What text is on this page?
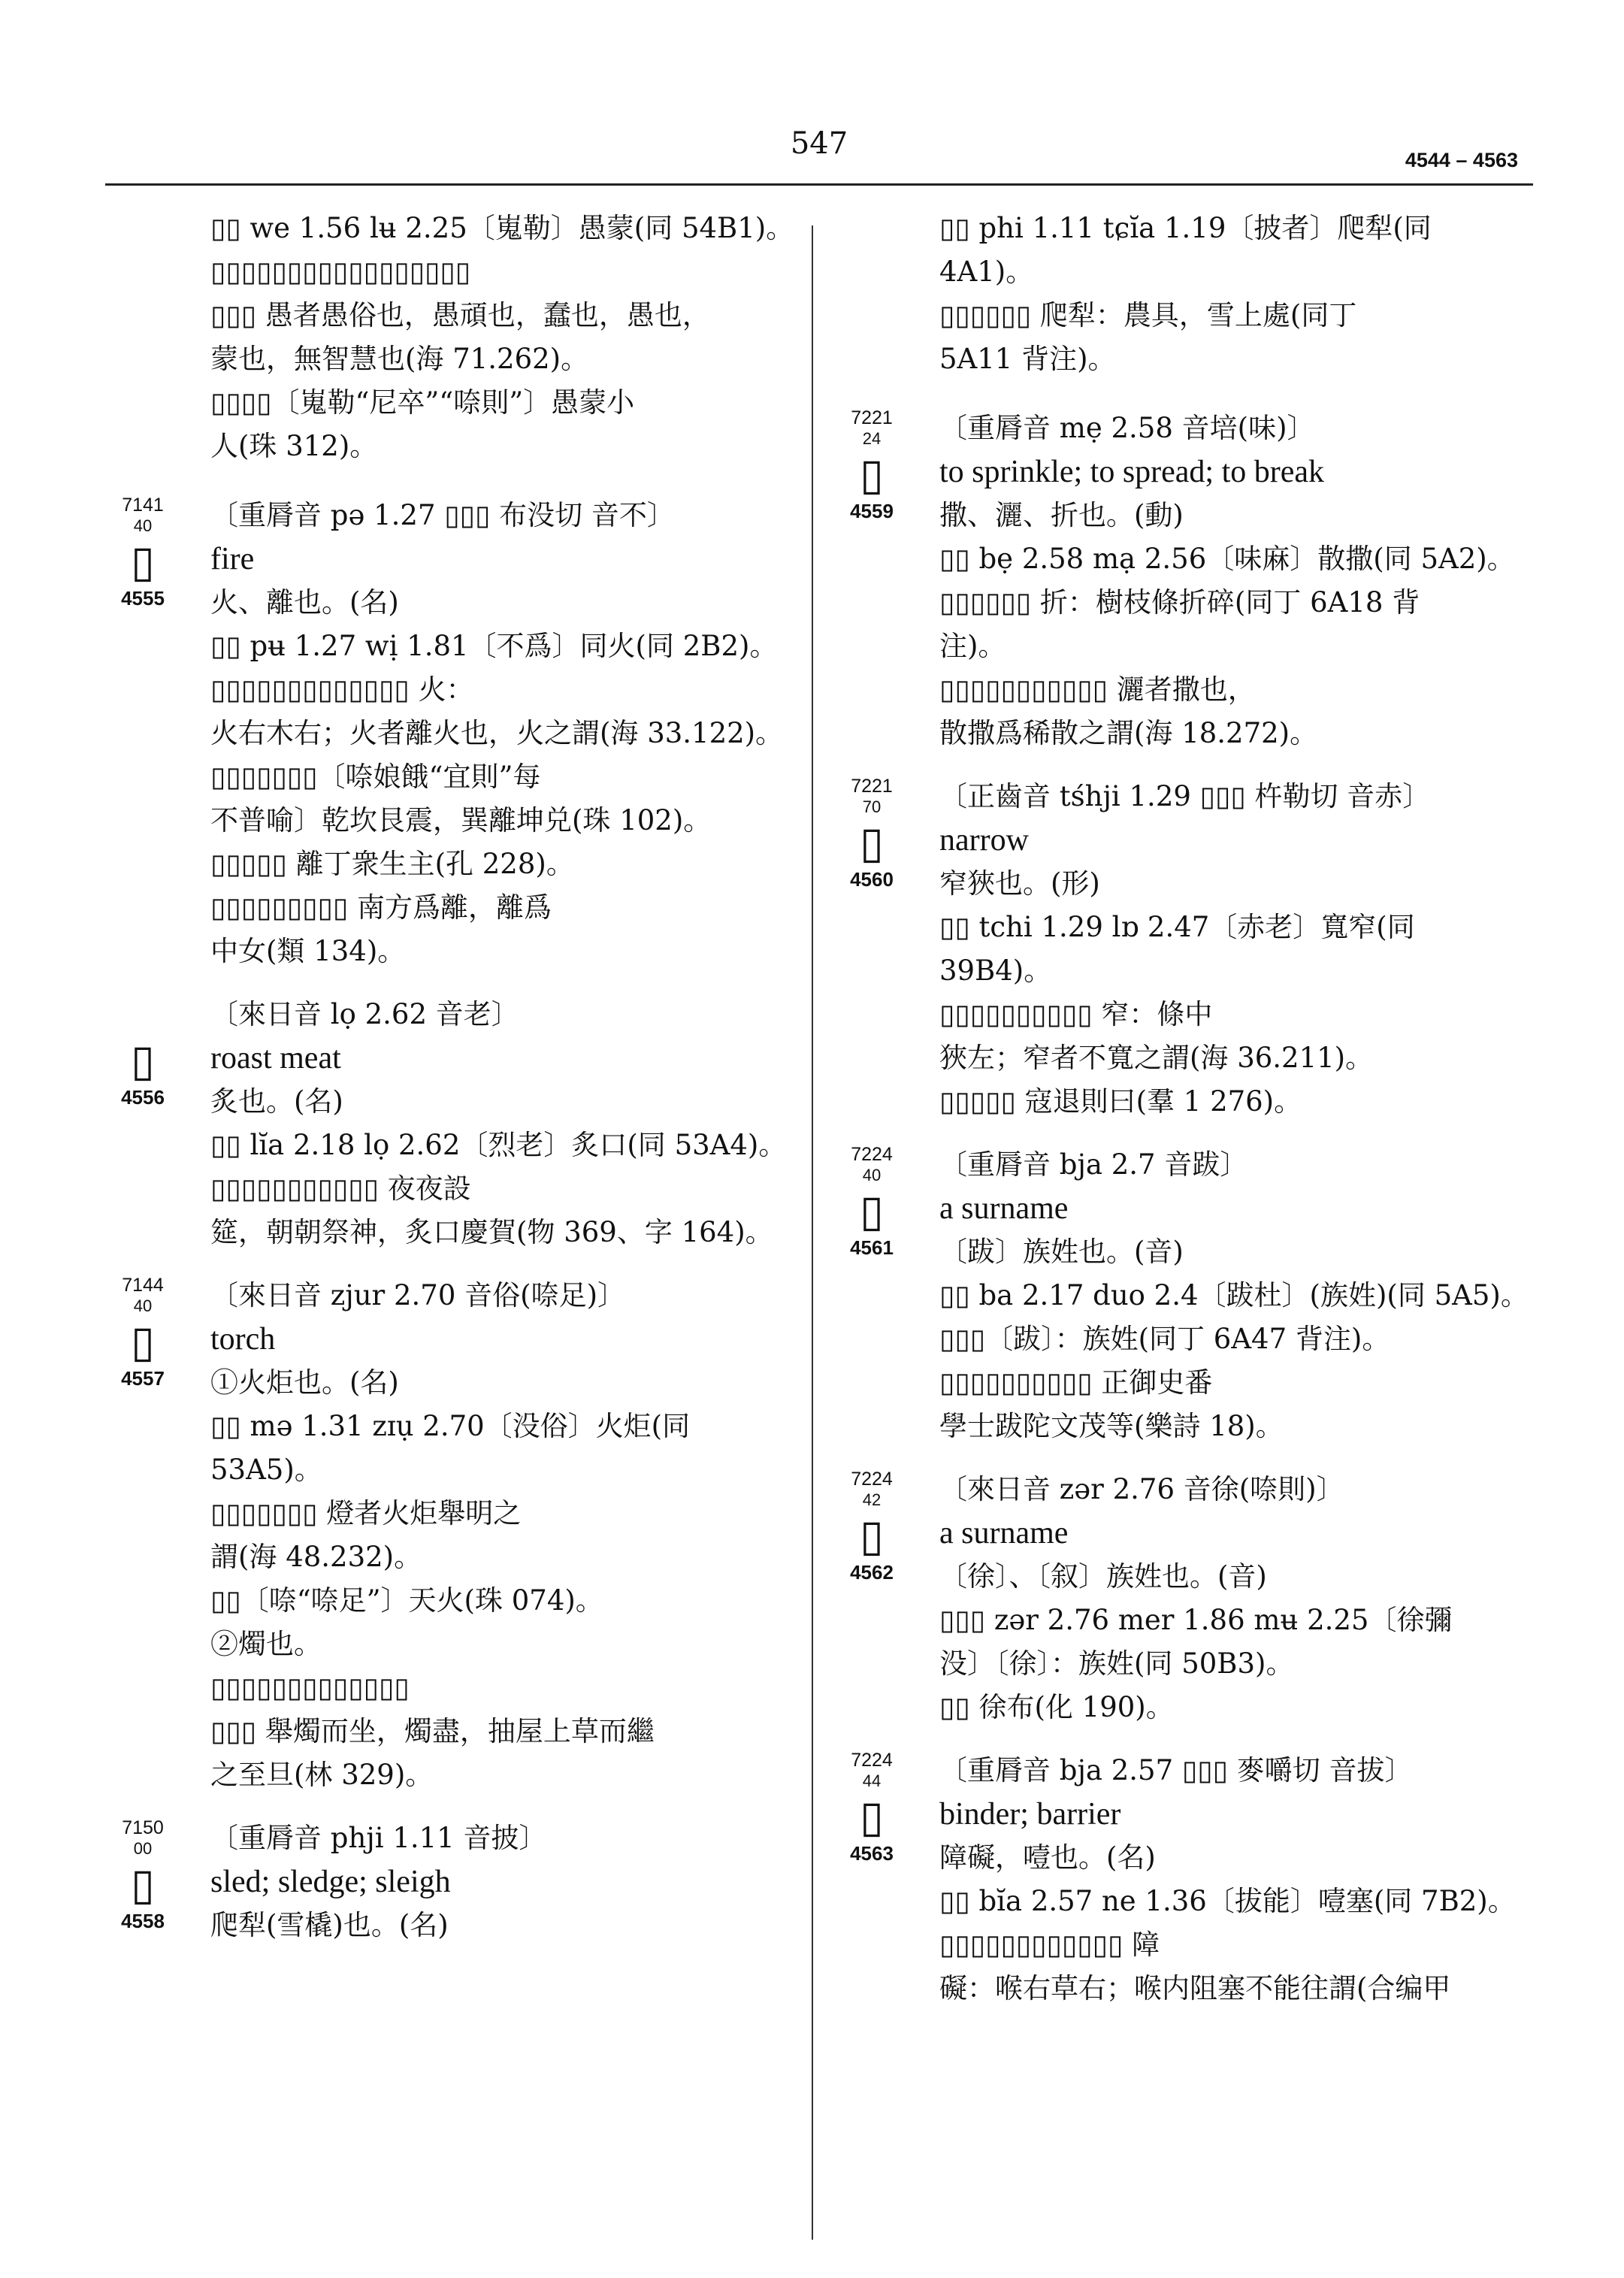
547	4544 – 4563

▯▯ we 1.56 lʉ 2.25〔嵬勒〕愚蒙(同 54B1)。

▯▯▯▯▯▯▯▯▯▯▯▯▯▯▯▯▯

▯▯▯ 愚者愚俗也，愚頑也，蠢也，愚也，

蒙也，無智慧也(海 71.262)。

▯▯▯▯〔嵬勒“尼卒”“㖠則”〕愚蒙小

人(珠 312)。

7141
40
▯
4555

〔重脣音 pə 1.27 ▯▯▯ 布没切 音不〕

fire

火、離也。(名)

▯▯ pʉ 1.27 wị 1.81〔不爲〕同火(同 2B2)。

▯▯▯▯▯▯▯▯▯▯▯▯▯ 火：

火右木右；火者離火也，火之謂(海 33.122)。

▯▯▯▯▯▯▯〔㖠娘餓“宜則”每

不普喻〕乾坎艮震，巽離坤兑(珠 102)。

▯▯▯▯▯ 離丁衆生主(孔 228)。

▯▯▯▯▯▯▯▯▯ 南方爲離，離爲

中女(類 134)。

▯
4556

〔來日音 lọ 2.62 音老〕

roast meat

炙也。(名)

▯▯ lĭa 2.18 lọ 2.62〔烈老〕炙口(同 53A4)。

▯▯▯▯▯▯▯▯▯▯▯ 夜夜設

筵，朝朝祭神，炙口慶賀(物 369、字 164)。

7144
40
▯
4557

〔來日音 zjur 2.70 音俗(㖠足)〕

torch

①火炬也。(名)

▯▯ mə 1.31 zɪụ 2.70〔没俗〕火炬(同53A5)。

▯▯▯▯▯▯▯ 燈者火炬舉明之

謂(海 48.232)。

▯▯〔㖠“㖠足”〕天火(珠 074)。

②燭也。

▯▯▯▯▯▯▯▯▯▯▯▯▯

▯▯▯ 舉燭而坐，燭盡，抽屋上草而繼

之至旦(林 329)。

7150
00
▯
4558

〔重脣音 phji 1.11 音披〕

sled; sledge; sleigh

爬犁(雪橇)也。(名)

▯▯ phi 1.11 tɕĭa 1.19〔披者〕爬犁(同 4A1)。

▯▯▯▯▯▯ 爬犁：農具，雪上處(同丁

5A11 背注)。

7221
24
▯
4559

〔重脣音 mẹ 2.58 音培(味)〕

to sprinkle; to spread; to break

撒、灑、折也。(動)

▯▯ bẹ 2.58 mạ 2.56〔味麻〕散撒(同 5A2)。

▯▯▯▯▯▯ 折：樹枝條折碎(同丁 6A18 背

注)。

▯▯▯▯▯▯▯▯▯▯▯ 灑者撒也，

散撒爲稀散之謂(海 18.272)。

7221
70
▯
4560

〔正齒音 tśhji 1.29 ▯▯▯ 杵勒切 音赤〕

narrow

窄狹也。(形)

▯▯ tchi 1.29 lɒ 2.47〔赤老〕寬窄(同 39B4)。

▯▯▯▯▯▯▯▯▯▯ 窄：條中

狹左；窄者不寬之謂(海 36.211)。

▯▯▯▯▯ 寇退則曰(羣 1 276)。

7224
40
▯
4561

〔重脣音 bja 2.7 音跋〕

a surname

〔跋〕族姓也。(音)

▯▯ ba 2.17 duo 2.4〔跋杜〕(族姓)(同 5A5)。

▯▯▯〔跋〕：族姓(同丁 6A47 背注)。

▯▯▯▯▯▯▯▯▯▯ 正御史番

學士跋陀文茂等(樂詩 18)。

7224
42
▯
4562

〔來日音 zər 2.76 音徐(㖠則)〕

a surname

〔徐〕、〔叙〕族姓也。(音)

▯▯▯ zər 2.76 mer 1.86 mʉ 2.25〔徐彌

没〕〔徐〕：族姓(同 50B3)。

▯▯ 徐布(化 190)。

7224
44
▯
4563

〔重脣音 bja 2.57 ▯▯▯ 麥嚼切 音拔〕

binder; barrier

障礙，噎也。(名)

▯▯ bĭa 2.57 ne 1.36〔拔能〕噎塞(同 7B2)。

▯▯▯▯▯▯▯▯▯▯▯▯ 障

礙：喉右草右；喉内阻塞不能往謂(合编甲
